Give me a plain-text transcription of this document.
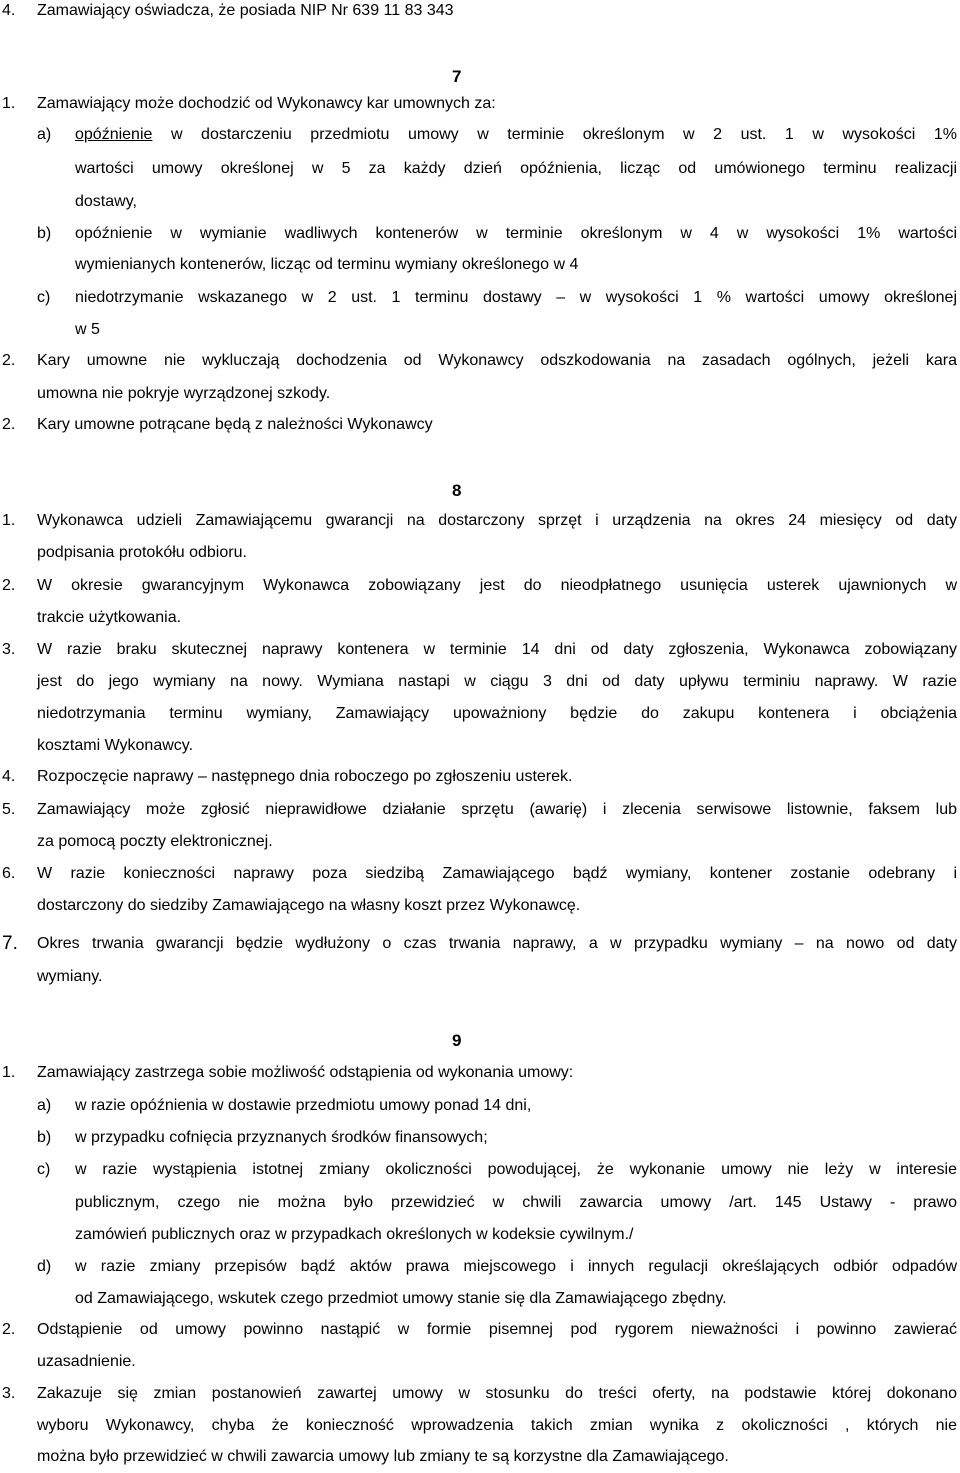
4. Zamawiający oświadcza, że posiada NIP Nr 639 11 83 343
7
1. Zamawiający może dochodzić od Wykonawcy kar umownych za:
a) opóźnienie w dostarczeniu przedmiotu umowy w terminie określonym w 2 ust. 1 w wysokości 1%
wartości umowy określonej w 5 za każdy dzień opóźnienia, licząc od umówionego terminu realizacji
dostawy,
b) opóźnienie w wymianie wadliwych kontenerów w terminie określonym w 4 w wysokości 1% wartości
wymienianych kontenerów, licząc od terminu wymiany określonego w 4
c) niedotrzymanie wskazanego w 2 ust. 1 terminu dostawy – w wysokości 1 % wartości umowy określonej
w 5
2. Kary umowne nie wykluczają dochodzenia od Wykonawcy odszkodowania na zasadach ogólnych, jeżeli kara
umowna nie pokryje wyrządzonej szkody.
2. Kary umowne potrącane będą z należności Wykonawcy
8
1. Wykonawca udzieli Zamawiającemu gwarancji na dostarczony sprzęt i urządzenia na okres 24 miesięcy od daty
podpisania protokółu odbioru.
2. W okresie gwarancyjnym Wykonawca zobowiązany jest do nieodpłatnego usunięcia usterek ujawnionych w
trakcie użytkowania.
3. W razie braku skutecznej naprawy kontenera w terminie 14 dni od daty zgłoszenia, Wykonawca zobowiązany
jest do jego wymiany na nowy. Wymiana nastapi w ciągu 3 dni od daty upływu terminiu naprawy. W razie
niedotrzymania terminu wymiany, Zamawiający upoważniony będzie do zakupu kontenera i obciążenia
kosztami Wykonawcy.
4. Rozpoczęcie naprawy – następnego dnia roboczego po zgłoszeniu usterek.
5. Zamawiający może zgłosić nieprawidłowe działanie sprzętu (awarię) i zlecenia serwisowe listownie, faksem lub
za pomocą poczty elektronicznej.
6. W razie konieczności naprawy poza siedzibą Zamawiającego bądź wymiany, kontener zostanie odebrany i
dostarczony do siedziby Zamawiającego na własny koszt przez Wykonawcę.
7. Okres trwania gwarancji będzie wydłużony o czas trwania naprawy, a w przypadku wymiany – na nowo od daty
wymiany.
9
1. Zamawiający zastrzega sobie możliwość odstąpienia od wykonania umowy:
a) w razie opóźnienia w dostawie przedmiotu umowy ponad 14 dni,
b) w przypadku cofnięcia przyznanych środków finansowych;
c) w razie wystąpienia istotnej zmiany okoliczności powodującej, że wykonanie umowy nie leży w interesie
publicznym, czego nie można było przewidzieć w chwili zawarcia umowy /art. 145 Ustawy - prawo
zamówień publicznych oraz w przypadkach określonych w kodeksie cywilnym./
d) w razie zmiany przepisów bądź aktów prawa miejscowego i innych regulacji określających odbiór odpadów
od Zamawiającego, wskutek czego przedmiot umowy stanie się dla Zamawiającego zbędny.
2. Odstąpienie od umowy powinno nastąpić w formie pisemnej pod rygorem nieważności i powinno zawierać
uzasadnienie.
3. Zakazuje się zmian postanowień zawartej umowy w stosunku do treści oferty, na podstawie której dokonano
wyboru Wykonawcy, chyba że konieczność wprowadzenia takich zmian wynika z okoliczności , których nie
można było przewidzieć w chwili zawarcia umowy lub zmiany te są korzystne dla Zamawiającego.
